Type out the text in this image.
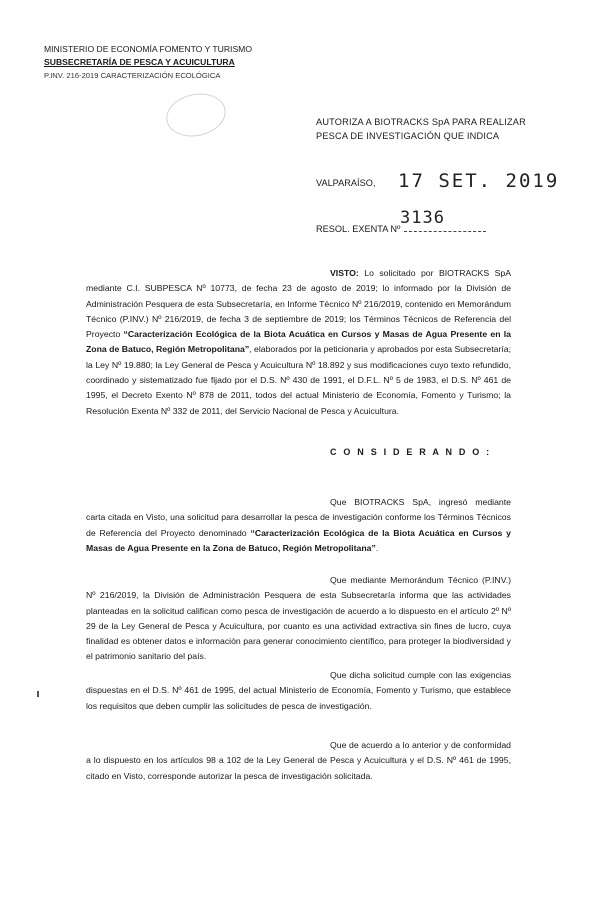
MINISTERIO DE ECONOMÍA FOMENTO Y TURISMO
SUBSECRETARÍA DE PESCA Y ACUICULTURA
P.INV. 216-2019 CARACTERIZACIÓN ECOLÓGICA
AUTORIZA A BIOTRACKS SpA PARA REALIZAR
PESCA DE INVESTIGACIÓN QUE INDICA
VALPARAÍSO, 17 SET. 2019
3136
RESOL. EXENTA Nº
VISTO: Lo solicitado por BIOTRACKS SpA mediante C.I. SUBPESCA Nº 10773, de fecha 23 de agosto de 2019; lo informado por la División de Administración Pesquera de esta Subsecretaría, en Informe Técnico Nº 216/2019, contenido en Memorándum Técnico (P.INV.) Nº 216/2019, de fecha 3 de septiembre de 2019; los Términos Técnicos de Referencia del Proyecto “Caracterización Ecológica de la Biota Acuática en Cursos y Masas de Agua Presente en la Zona de Batuco, Región Metropolitana”, elaborados por la peticionaria y aprobados por esta Subsecretaría; la Ley Nº 19.880; la Ley General de Pesca y Acuicultura Nº 18.892 y sus modificaciones cuyo texto refundido, coordinado y sistematizado fue fijado por el D.S. Nº 430 de 1991, el D.F.L. Nº 5 de 1983, el D.S. Nº 461 de 1995, el Decreto Exento Nº 878 de 2011, todos del actual Ministerio de Economía, Fomento y Turismo; la Resolución Exenta Nº 332 de 2011, del Servicio Nacional de Pesca y Acuicultura.
C O N S I D E R A N D O :
Que BIOTRACKS SpA, ingresó mediante carta citada en Visto, una solicitud para desarrollar la pesca de investigación conforme los Términos Técnicos de Referencia del Proyecto denominado “Caracterización Ecológica de la Biota Acuática en Cursos y Masas de Agua Presente en la Zona de Batuco, Región Metropolitana”.
Que mediante Memorándum Técnico (P.INV.) Nº 216/2019, la División de Administración Pesquera de esta Subsecretaría informa que las actividades planteadas en la solicitud califican como pesca de investigación de acuerdo a lo dispuesto en el artículo 2º Nº 29 de la Ley General de Pesca y Acuicultura, por cuanto es una actividad extractiva sin fines de lucro, cuya finalidad es obtener datos e información para generar conocimiento científico, para proteger la biodiversidad y el patrimonio sanitario del país.
Que dicha solicitud cumple con las exigencias dispuestas en el D.S. Nº 461 de 1995, del actual Ministerio de Economía, Fomento y Turismo, que establece los requisitos que deben cumplir las solicitudes de pesca de investigación.
Que de acuerdo a lo anterior y de conformidad a lo dispuesto en los artículos 98 a 102 de la Ley General de Pesca y Acuicultura y el D.S. Nº 461 de 1995, citado en Visto, corresponde autorizar la pesca de investigación solicitada.
